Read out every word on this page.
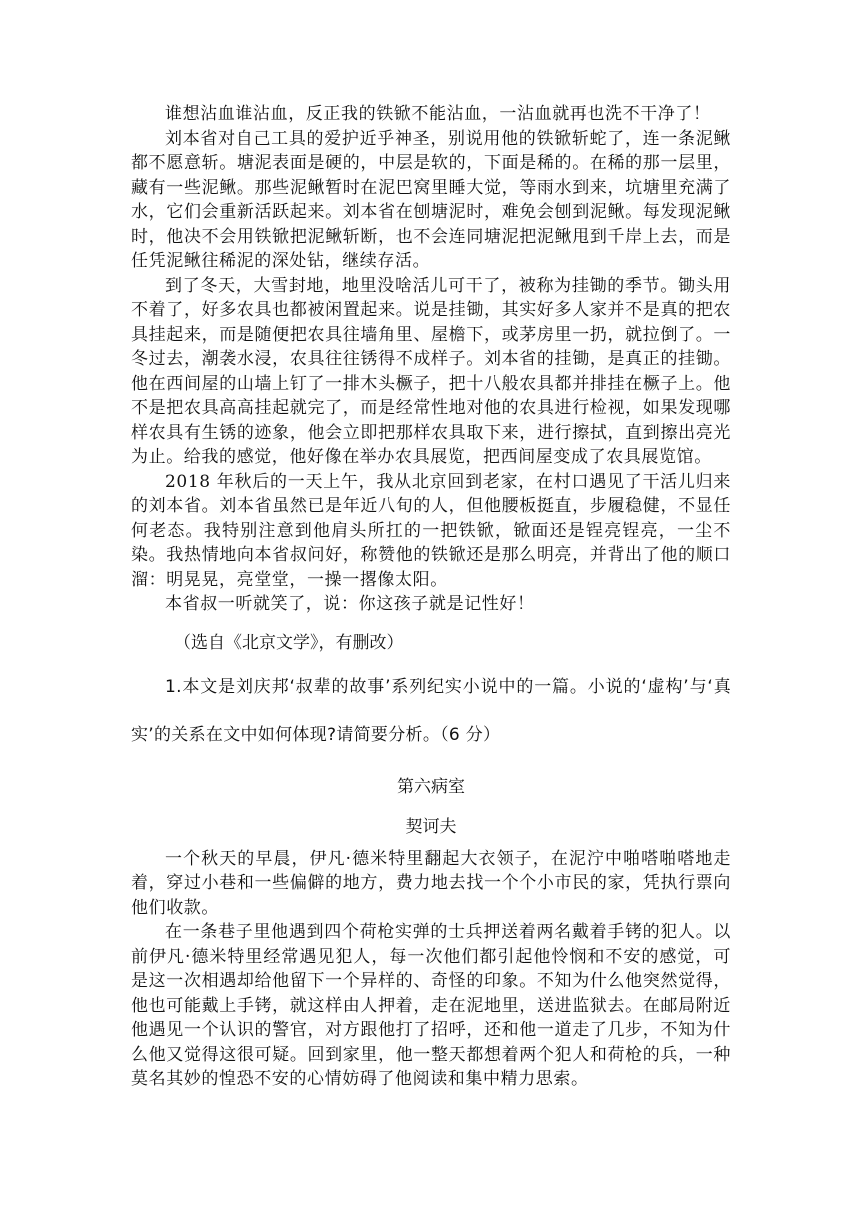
谁想沾血谁沾血，反正我的铁锨不能沾血，一沾血就再也洗不干净了！

刘本省对自己工具的爱护近乎神圣，别说用他的铁锨斩蛇了，连一条泥鳅都不愿意斩。塘泥表面是硬的，中层是软的，下面是稀的。在稀的那一层里，藏有一些泥鳅。那些泥鳅暂时在泥巴窝里睡大觉，等雨水到来，坑塘里充满了水，它们会重新活跃起来。刘本省在刨塘泥时，难免会刨到泥鳅。每发现泥鳅时，他决不会用铁锨把泥鳅斩断，也不会连同塘泥把泥鳅甩到千岸上去，而是任凭泥鳅往稀泥的深处钻，继续存活。

到了冬天，大雪封地，地里没啥活儿可干了，被称为挂锄的季节。锄头用不着了，好多农具也都被闲置起来。说是挂锄，其实好多人家并不是真的把农具挂起来，而是随便把农具往墙角里、屋檐下，或茅房里一扔，就拉倒了。一冬过去，潮袭水浸，农具往往锈得不成样子。刘本省的挂锄，是真正的挂锄。他在西间屋的山墙上钉了一排木头橛子，把十八般农具都并排挂在橛子上。他不是把农具高高挂起就完了，而是经常性地对他的农具进行检视，如果发现哪样农具有生锈的迹象，他会立即把那样农具取下来，进行擦拭，直到擦出亮光为止。给我的感觉，他好像在举办农具展览，把西间屋变成了农具展览馆。

2018 年秋后的一天上午，我从北京回到老家，在村口遇见了干活儿归来的刘本省。刘本省虽然已是年近八旬的人，但他腰板挺直，步履稳健，不显任何老态。我特别注意到他肩头所扛的一把铁锨，锨面还是锃亮锃亮，一尘不染。我热情地向本省叔问好，称赞他的铁锨还是那么明亮，并背出了他的顺口溜：明晃晃，亮堂堂，一操一撂像太阳。

本省叔一听就笑了，说：你这孩子就是记性好！

（选自《北京文学》，有删改）

1.本文是刘庆邦‘叔辈的故事’系列纪实小说中的一篇。小说的‘虚构’与‘真实’的关系在文中如何体现?请简要分析。（6 分）

第六病室

契诃夫

一个秋天的早晨，伊凡·德米特里翻起大衣领子，在泥泞中啪嗒啪嗒地走着，穿过小巷和一些偏僻的地方，费力地去找一个个小市民的家，凭执行票向他们收款。

在一条巷子里他遇到四个荷枪实弹的士兵押送着两名戴着手铐的犯人。以前伊凡·德米特里经常遇见犯人，每一次他们都引起他怜悯和不安的感觉，可是这一次相遇却给他留下一个异样的、奇怪的印象。不知为什么他突然觉得，他也可能戴上手铐，就这样由人押着，走在泥地里，送进监狱去。在邮局附近他遇见一个认识的警官，对方跟他打了招呼，还和他一道走了几步，不知为什么他又觉得这很可疑。回到家里，他一整天都想着两个犯人和荷枪的兵，一种莫名其妙的惶恐不安的心情妨碍了他阅读和集中精力思索。
